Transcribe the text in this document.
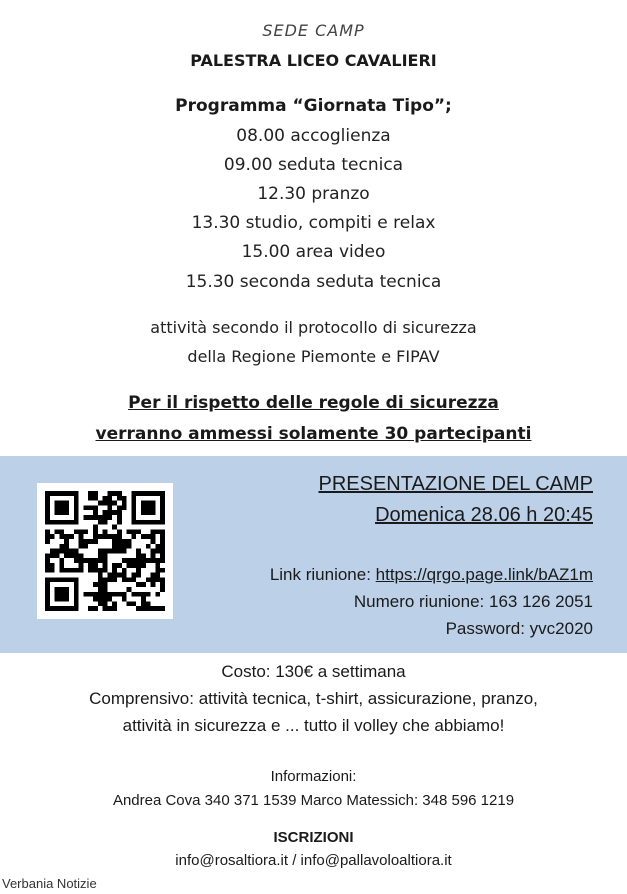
SEDE CAMP
PALESTRA LICEO CAVALIERI
Programma “Giornata Tipo”;
08.00 accoglienza
09.00 seduta tecnica
12.30 pranzo
13.30 studio, compiti e relax
15.00 area video
15.30 seconda seduta tecnica
attività secondo il protocollo di sicurezza
della Regione Piemonte e FIPAV
Per il rispetto delle regole di sicurezza
verranno ammessi solamente 30 partecipanti
PRESENTAZIONE DEL CAMP
Domenica 28.06 h 20:45
Link riunione: https://qrgo.page.link/bAZ1m
Numero riunione: 163 126 2051
Password: yvc2020
Costo: 130€ a settimana
Comprensivo: attività tecnica, t-shirt, assicurazione, pranzo,
attività in sicurezza e ... tutto il volley che abbiamo!
Informazioni:
Andrea Cova 340 371 1539 Marco Matessich: 348 596 1219
ISCRIZIONI
info@rosaltiora.it / info@pallavoloaltiora.it
Verbania Notizie
